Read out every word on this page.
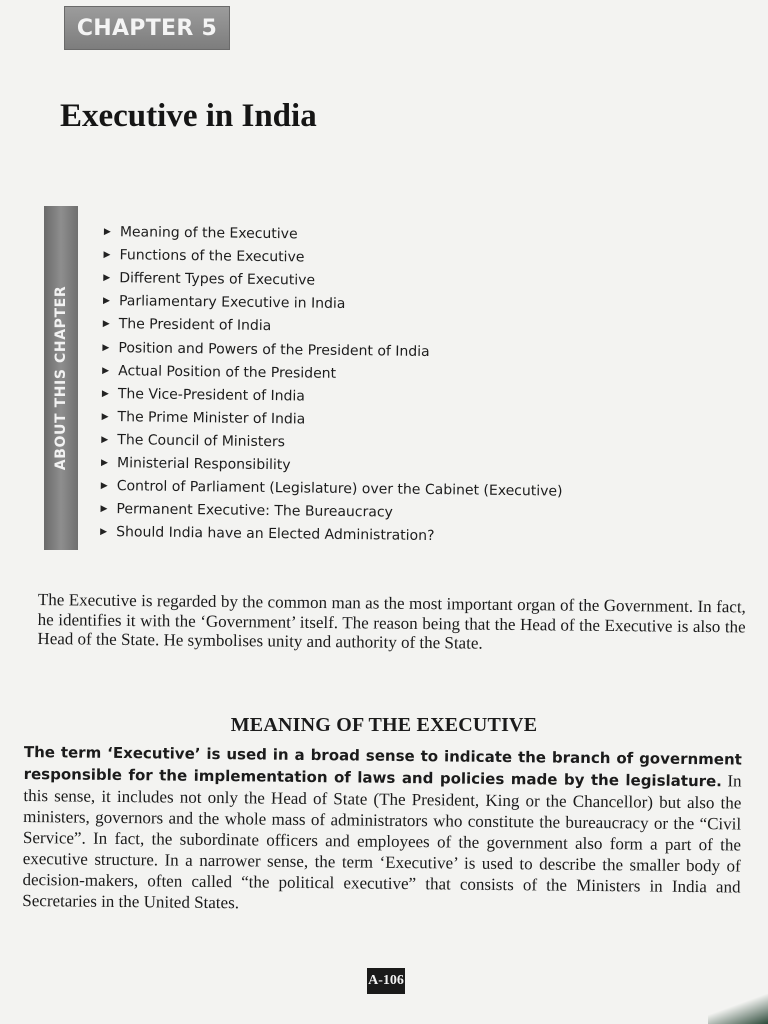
CHAPTER 5
Executive in India
ABOUT THIS CHAPTER
▶ Meaning of the Executive
▶ Functions of the Executive
▶ Different Types of Executive
▶ Parliamentary Executive in India
▶ The President of India
▶ Position and Powers of the President of India
▶ Actual Position of the President
▶ The Vice-President of India
▶ The Prime Minister of India
▶ The Council of Ministers
▶ Ministerial Responsibility
▶ Control of Parliament (Legislature) over the Cabinet (Executive)
▶ Permanent Executive: The Bureaucracy
▶ Should India have an Elected Administration?

The Executive is regarded by the common man as the most important organ of the Government. In fact, he identifies it with the ‘Government’ itself. The reason being that the Head of the Executive is also the Head of the State. He symbolises unity and authority of the State.

MEANING OF THE EXECUTIVE

The term ‘Executive’ is used in a broad sense to indicate the branch of government responsible for the implementation of laws and policies made by the legislature. In this sense, it includes not only the Head of State (The President, King or the Chancellor) but also the ministers, governors and the whole mass of administrators who constitute the bureaucracy or the “Civil Service”. In fact, the subordinate officers and employees of the government also form a part of the executive structure. In a narrower sense, the term ‘Executive’ is used to describe the smaller body of decision-makers, often called “the political executive” that consists of the Ministers in India and Secretaries in the United States.

A-106
